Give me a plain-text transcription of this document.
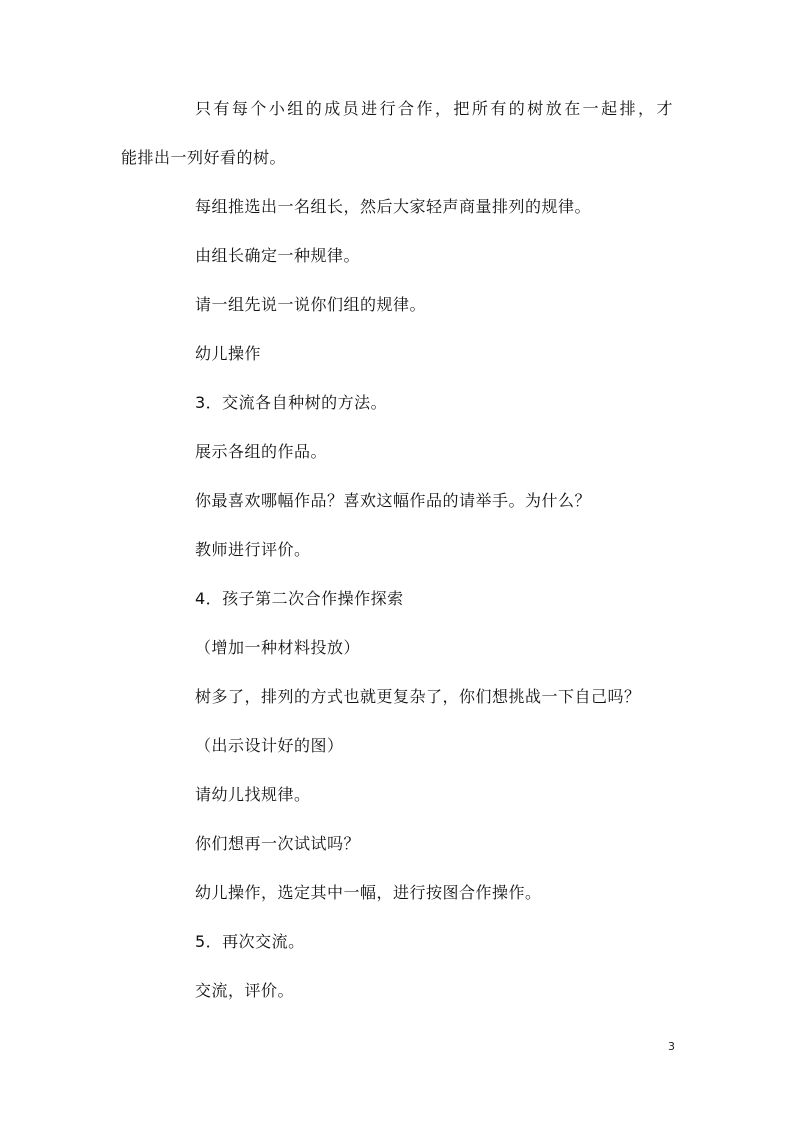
只有每个小组的成员进行合作，把所有的树放在一起排，才
能排出一列好看的树。
每组推选出一名组长，然后大家轻声商量排列的规律。
由组长确定一种规律。
请一组先说一说你们组的规律。
幼儿操作
3．交流各自种树的方法。
展示各组的作品。
你最喜欢哪幅作品？喜欢这幅作品的请举手。为什么？
教师进行评价。
4．孩子第二次合作操作探索
（增加一种材料投放）
树多了，排列的方式也就更复杂了，你们想挑战一下自己吗？
（出示设计好的图）
请幼儿找规律。
你们想再一次试试吗？
幼儿操作，选定其中一幅，进行按图合作操作。
5．再次交流。
交流，评价。
3
